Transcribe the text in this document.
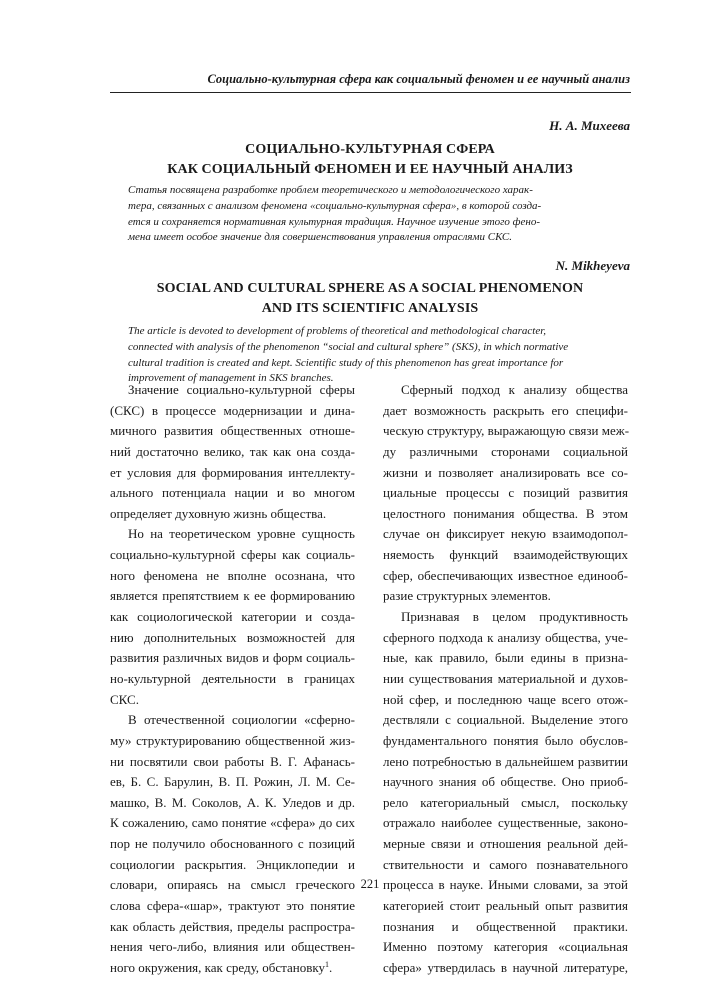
Социально-культурная сфера как социальный феномен и ее научный анализ
Н. А. Михеева
СОЦИАЛЬНО-КУЛЬТУРНАЯ СФЕРА
КАК СОЦИАЛЬНЫЙ ФЕНОМЕН И ЕЕ НАУЧНЫЙ АНАЛИЗ
Статья посвящена разработке проблем теоретического и методологического харак-
тера, связанных с анализом феномена «социально-культурная сфера», в которой созда-
ется и сохраняется нормативная культурная традиция. Научное изучение этого фено-
мена имеет особое значение для совершенствования управления отраслями СКС.
N. Mikheyeva
SOCIAL AND CULTURAL SPHERE AS A SOCIAL PHENOMENON
AND ITS SCIENTIFIC ANALYSIS
The article is devoted to development of problems of theoretical and methodological character,
connected with analysis of the phenomenon “social and cultural sphere” (SKS), in which normative
cultural tradition is created and kept. Scientific study of this phenomenon has great importance for
improvement of management in SKS branches.
Значение социально-культурной сферы
(СКС) в процессе модернизации и дина-
мичного развития общественных отноше-
ний достаточно велико, так как она созда-
ет условия для формирования интеллекту-
ального потенциала нации и во многом
определяет духовную жизнь общества.
Но на теоретическом уровне сущность
социально-культурной сферы как социаль-
ного феномена не вполне осознана, что
является препятствием к ее формированию
как социологической категории и созда-
нию дополнительных возможностей для
развития различных видов и форм социаль-
но-культурной деятельности в границах
СКС.
В отечественной социологии «сферно-
му» структурированию общественной жиз-
ни посвятили свои работы В. Г. Афанась-
ев, Б. С. Барулин, В. П. Рожин, Л. М. Се-
машко, В. М. Соколов, А. К. Уледов и др.
К сожалению, само понятие «сфера» до сих
пор не получило обоснованного с позиций
социологии раскрытия. Энциклопедии и
словари, опираясь на смысл греческого
слова сфера-«шар», трактуют это понятие
как область действия, пределы распростра-
нения чего-либо, влияния или обществен-
ного окружения, как среду, обстановку$^1$.
Сферный подход к анализу общества
дает возможность раскрыть его специфи-
ческую структуру, выражающую связи меж-
ду различными сторонами социальной
жизни и позволяет анализировать все со-
циальные процессы с позиций развития
целостного понимания общества. В этом
случае он фиксирует некую взаимодопол-
няемость функций взаимодействующих
сфер, обеспечивающих известное единооб-
разие структурных элементов.
Признавая в целом продуктивность
сферного подхода к анализу общества, уче-
ные, как правило, были едины в призна-
нии существования материальной и духов-
ной сфер, и последнюю чаще всего отож-
дествляли с социальной. Выделение этого
фундаментального понятия было обуслов-
лено потребностью в дальнейшем развитии
научного знания об обществе. Оно приоб-
рело категориальный смысл, поскольку
отражало наиболее существенные, законо-
мерные связи и отношения реальной дей-
ствительности и самого познавательного
процесса в науке. Иными словами, за этой
категорией стоит реальный опыт развития
познания и общественной практики.
Именно поэтому категория «социальная
сфера» утвердилась в научной литературе,
221
